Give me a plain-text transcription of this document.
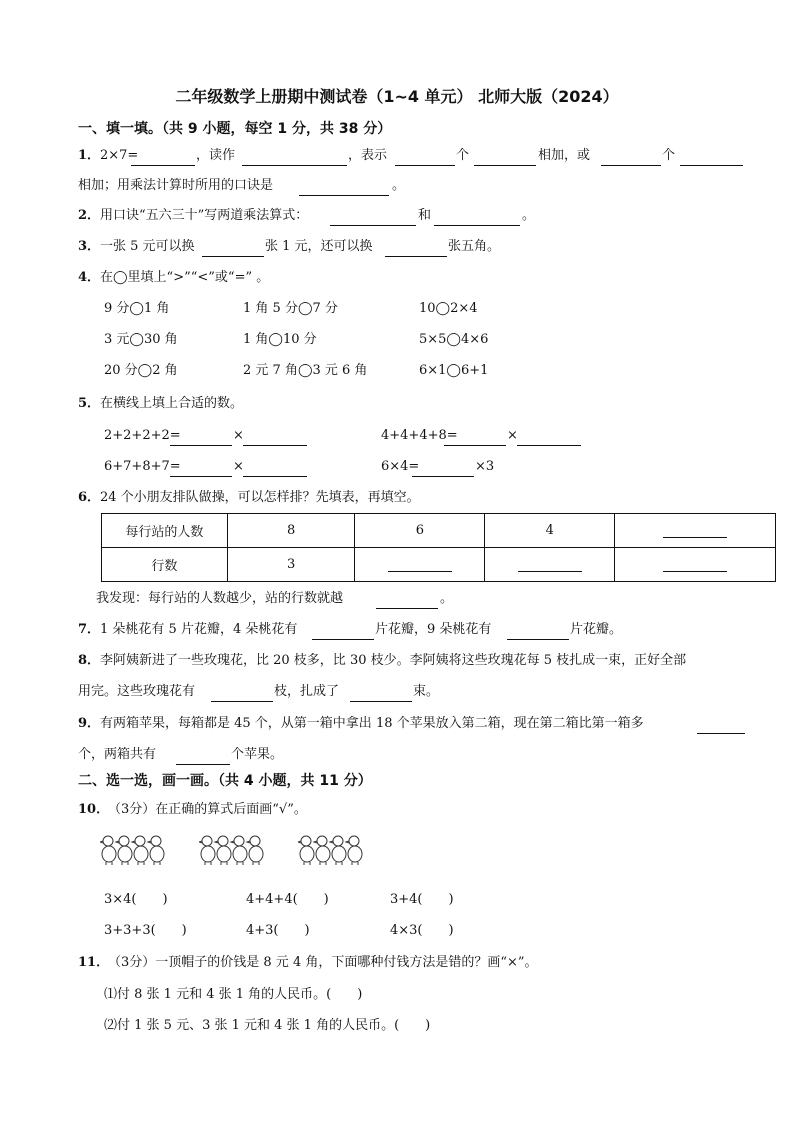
二年级数学上册期中测试卷（1~4 单元） 北师大版（2024）
一、填一填。（共 9 小题，每空 1 分，共 38 分）
1． 2×7=	，读作	，表示	个	相加，或	个
相加；用乘法计算时所用的口诀是	。
2． 用口诀“五六三十”写两道乘法算式：	和	。
3． 一张 5 元可以换	张 1 元，还可以换	张五角。
4． 在◯里填上“>”“<”或“=” 。
9 分◯1 角	1 角 5 分◯7 分	10◯2×4
3 元◯30 角	1 角◯10 分	5×5◯4×6
20 分◯2 角	2 元 7 角◯3 元 6 角	6×1◯6+1
5． 在横线上填上合适的数。
2+2+2+2=	×	4+4+4+8=	×
6+7+8+7=	×	6×4=	×3
6． 24 个小朋友排队做操，可以怎样排？先填表，再填空。
每行站的人数	8	6	4	
行数	3			
我发现：每行站的人数越少，站的行数就越	。
7． 1 朵桃花有 5 片花瓣，4 朵桃花有	片花瓣，9 朵桃花有	片花瓣。
8． 李阿姨新进了一些玫瑰花，比 20 枝多，比 30 枝少。李阿姨将这些玫瑰花每 5 枝扎成一束，正好全部
用完。这些玫瑰花有	枝，扎成了	束。
9． 有两箱苹果，每箱都是 45 个，从第一箱中拿出 18 个苹果放入第二箱，现在第二箱比第一箱多
个，两箱共有	个苹果。
二、选一选，画一画。（共 4 小题，共 11 分）
10．
（3分）在正确的算式后面画“√”。
3×4(　　)	4+4+4(　　)	3+4(　　)
3+3+3(　　)	4+3(　　)	4×3(　　)
11．
（3分）一顶帽子的价钱是 8 元 4 角，下面哪种付钱方法是错的？画“×”。
⑴付 8 张 1 元和 4 张 1 角的人民币。(　　)
⑵付 1 张 5 元、3 张 1 元和 4 张 1 角的人民币。(　　)
